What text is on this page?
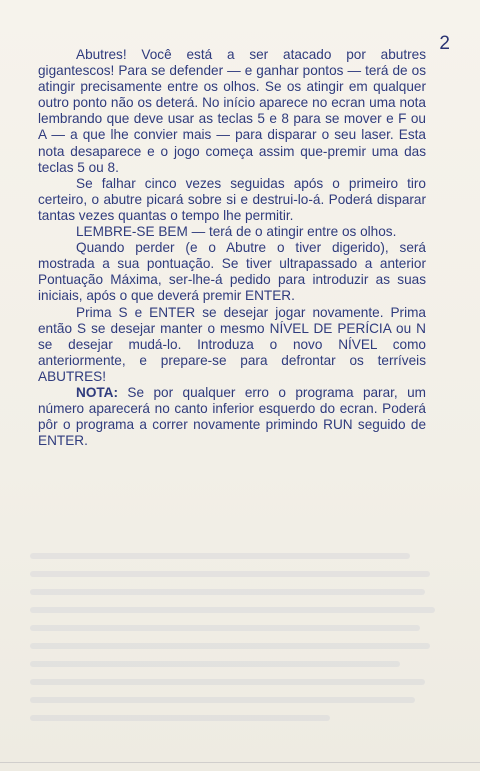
2

Abutres! Você está a ser atacado por abutres gigantescos! Para se defender — e ganhar pontos — terá de os atingir precisamente entre os olhos. Se os atingir em qualquer outro ponto não os deterá. No início aparece no ecran uma nota lembrando que deve usar as teclas 5 e 8 para se mover e F ou A — a que lhe convier mais — para disparar o seu laser. Esta nota desaparece e o jogo começa assim que-premir uma das teclas 5 ou 8.

Se falhar cinco vezes seguidas após o primeiro tiro certeiro, o abutre picará sobre si e destrui-lo-á. Poderá disparar tantas vezes quantas o tempo lhe permitir.

LEMBRE-SE BEM — terá de o atingir entre os olhos.

Quando perder (e o Abutre o tiver digerido), será mostrada a sua pontuação. Se tiver ultrapassado a anterior Pontuação Máxima, ser-lhe-á pedido para introduzir as suas iniciais, após o que deverá premir ENTER.

Prima S e ENTER se desejar jogar novamente. Prima então S se desejar manter o mesmo NÍVEL DE PERÍCIA ou N se desejar mudá-lo. Introduza o novo NÍVEL como anteriormente, e prepare-se para defrontar os terríveis ABUTRES!

NOTA: Se por qualquer erro o programa parar, um número aparecerá no canto inferior esquerdo do ecran. Poderá pôr o programa a correr novamente primindo RUN seguido de ENTER.
